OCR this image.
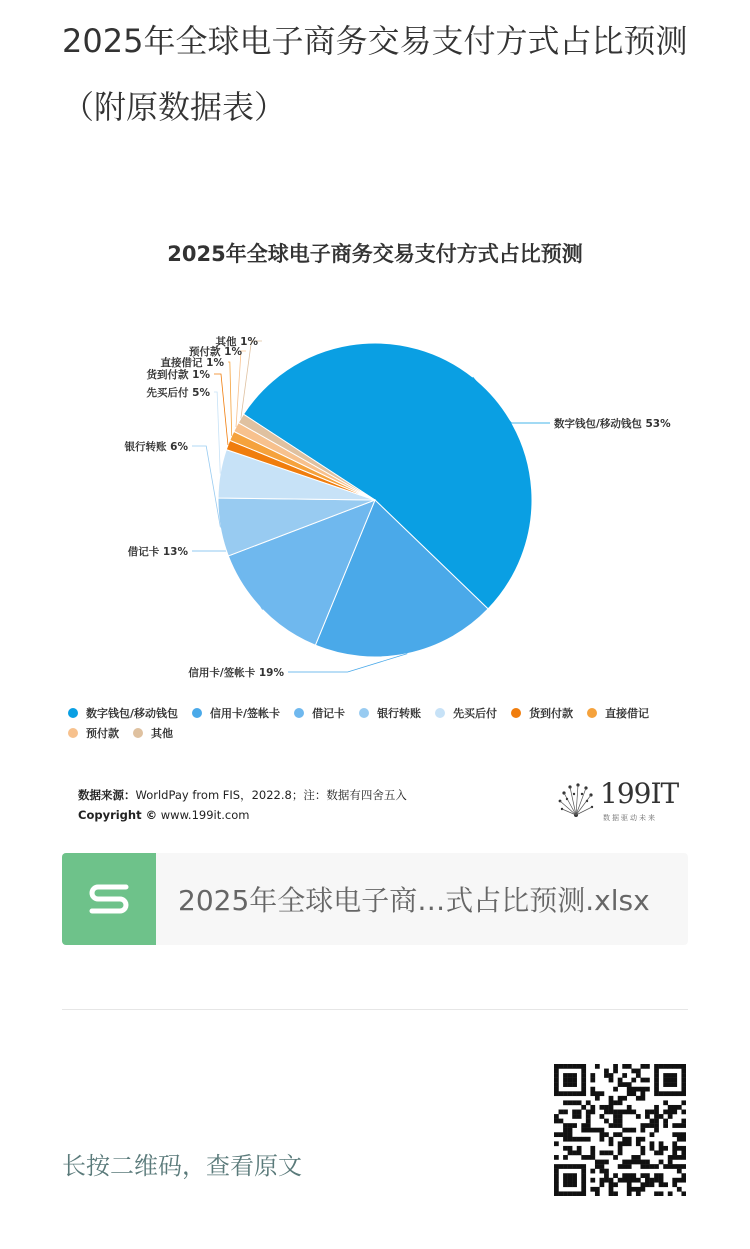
2025年全球电子商务交易支付方式占比预测（附原数据表）
2025年全球电子商务交易支付方式占比预测
数字钱包/移动钱包 53%
信用卡/签帐卡 19%
借记卡 13%
银行转账 6%
先买后付 5%
货到付款 1%
直接借记 1%
预付款 1%
其他 1%
数字钱包/移动钱包	信用卡/签帐卡	借记卡	银行转账	先买后付	货到付款	直接借记
预付款	其他
数据来源：WorldPay from FIS，2022.8；注：数据有四舍五入
Copyright © www.199it.com
199IT
数据驱动未来
2025年全球电子商…式占比预测.xlsx
长按二维码，查看原文
